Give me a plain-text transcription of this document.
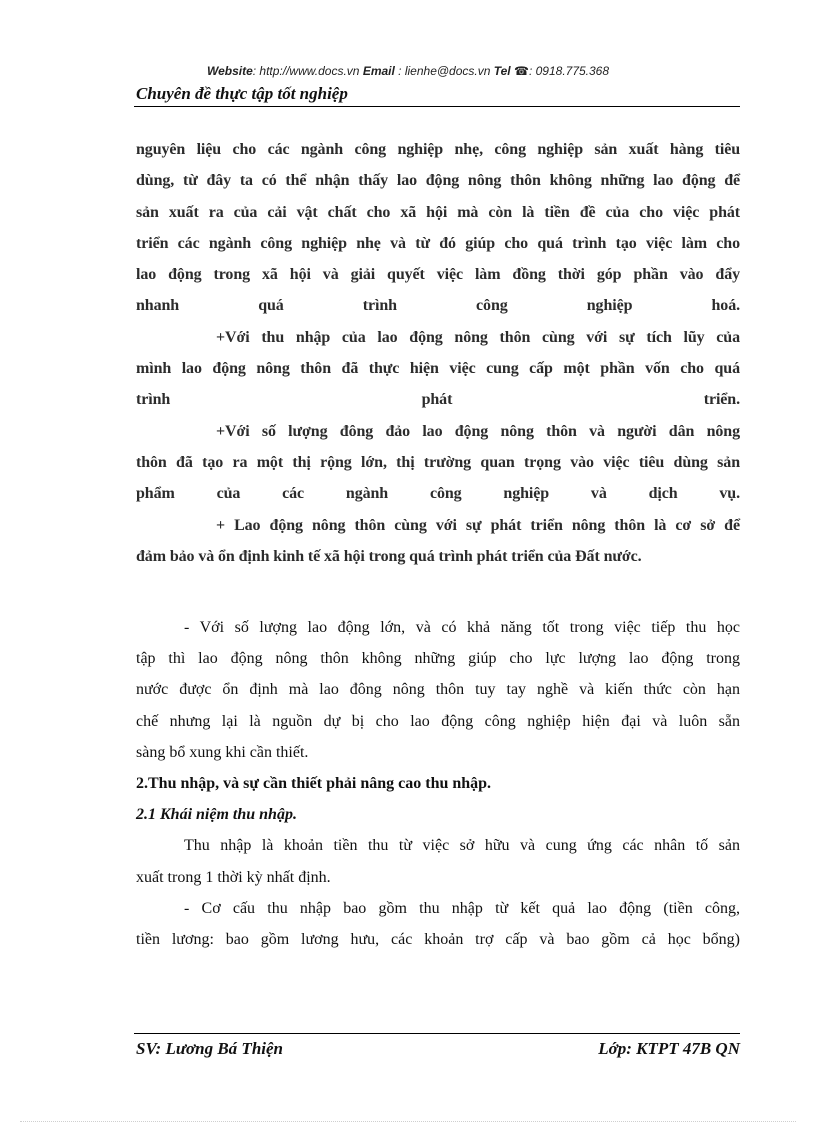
Website: http://www.docs.vn Email : lienhe@docs.vn Tel ☎: 0918.775.368
Chuyên đề thực tập tốt nghiệp
nguyên liệu cho các ngành công nghiệp nhẹ, công nghiệp sản xuất hàng tiêu
dùng, từ đây ta có thể nhận thấy lao động nông thôn không những lao động để
sản xuất ra của cải vật chất cho xã hội mà còn là tiền đề của cho việc phát
triển các ngành công nghiệp nhẹ và từ đó giúp cho quá trình tạo việc làm cho
lao động trong xã hội và giải quyết việc làm đồng thời góp phần vào đẩy
nhanh quá trình công nghiệp hoá.
+Với thu nhập của lao động nông thôn cùng với sự tích lũy của
mình lao động nông thôn đã thực hiện việc cung cấp một phần vốn cho quá
trình phát triển.
+Với số lượng đông đảo lao động nông thôn và người dân nông
thôn đã tạo ra một thị rộng lớn, thị trường quan trọng vào việc tiêu dùng sản
phẩm của các ngành công nghiệp và dịch vụ.
+ Lao động nông thôn cùng với sự phát triển nông thôn là cơ sở để
đảm bảo và ổn định kinh tế xã hội trong quá trình phát triển của Đất nước.
- Với số lượng lao động lớn, và có khả năng tốt trong việc tiếp thu học
tập thì lao động nông thôn không những giúp cho lực lượng lao động trong
nước được ổn định mà lao đông nông thôn tuy tay nghề và kiến thức còn hạn
chế nhưng lại là nguồn dự bị cho lao động công nghiệp hiện đại và luôn sẵn
sàng bổ xung khi cần thiết.
2.Thu nhập, và sự cần thiết phải nâng cao thu nhập.
2.1 Khái niệm thu nhập.
Thu nhập là khoản tiền thu từ việc sở hữu và cung ứng các nhân tố sản
xuất trong 1 thời kỳ nhất định.
- Cơ cấu thu nhập bao gồm thu nhập từ kết quả lao động (tiền công,
tiền lương: bao gồm lương hưu, các khoản trợ cấp và bao gồm cả học bổng)
SV: Lương Bá Thiện	Lớp: KTPT 47B QN
